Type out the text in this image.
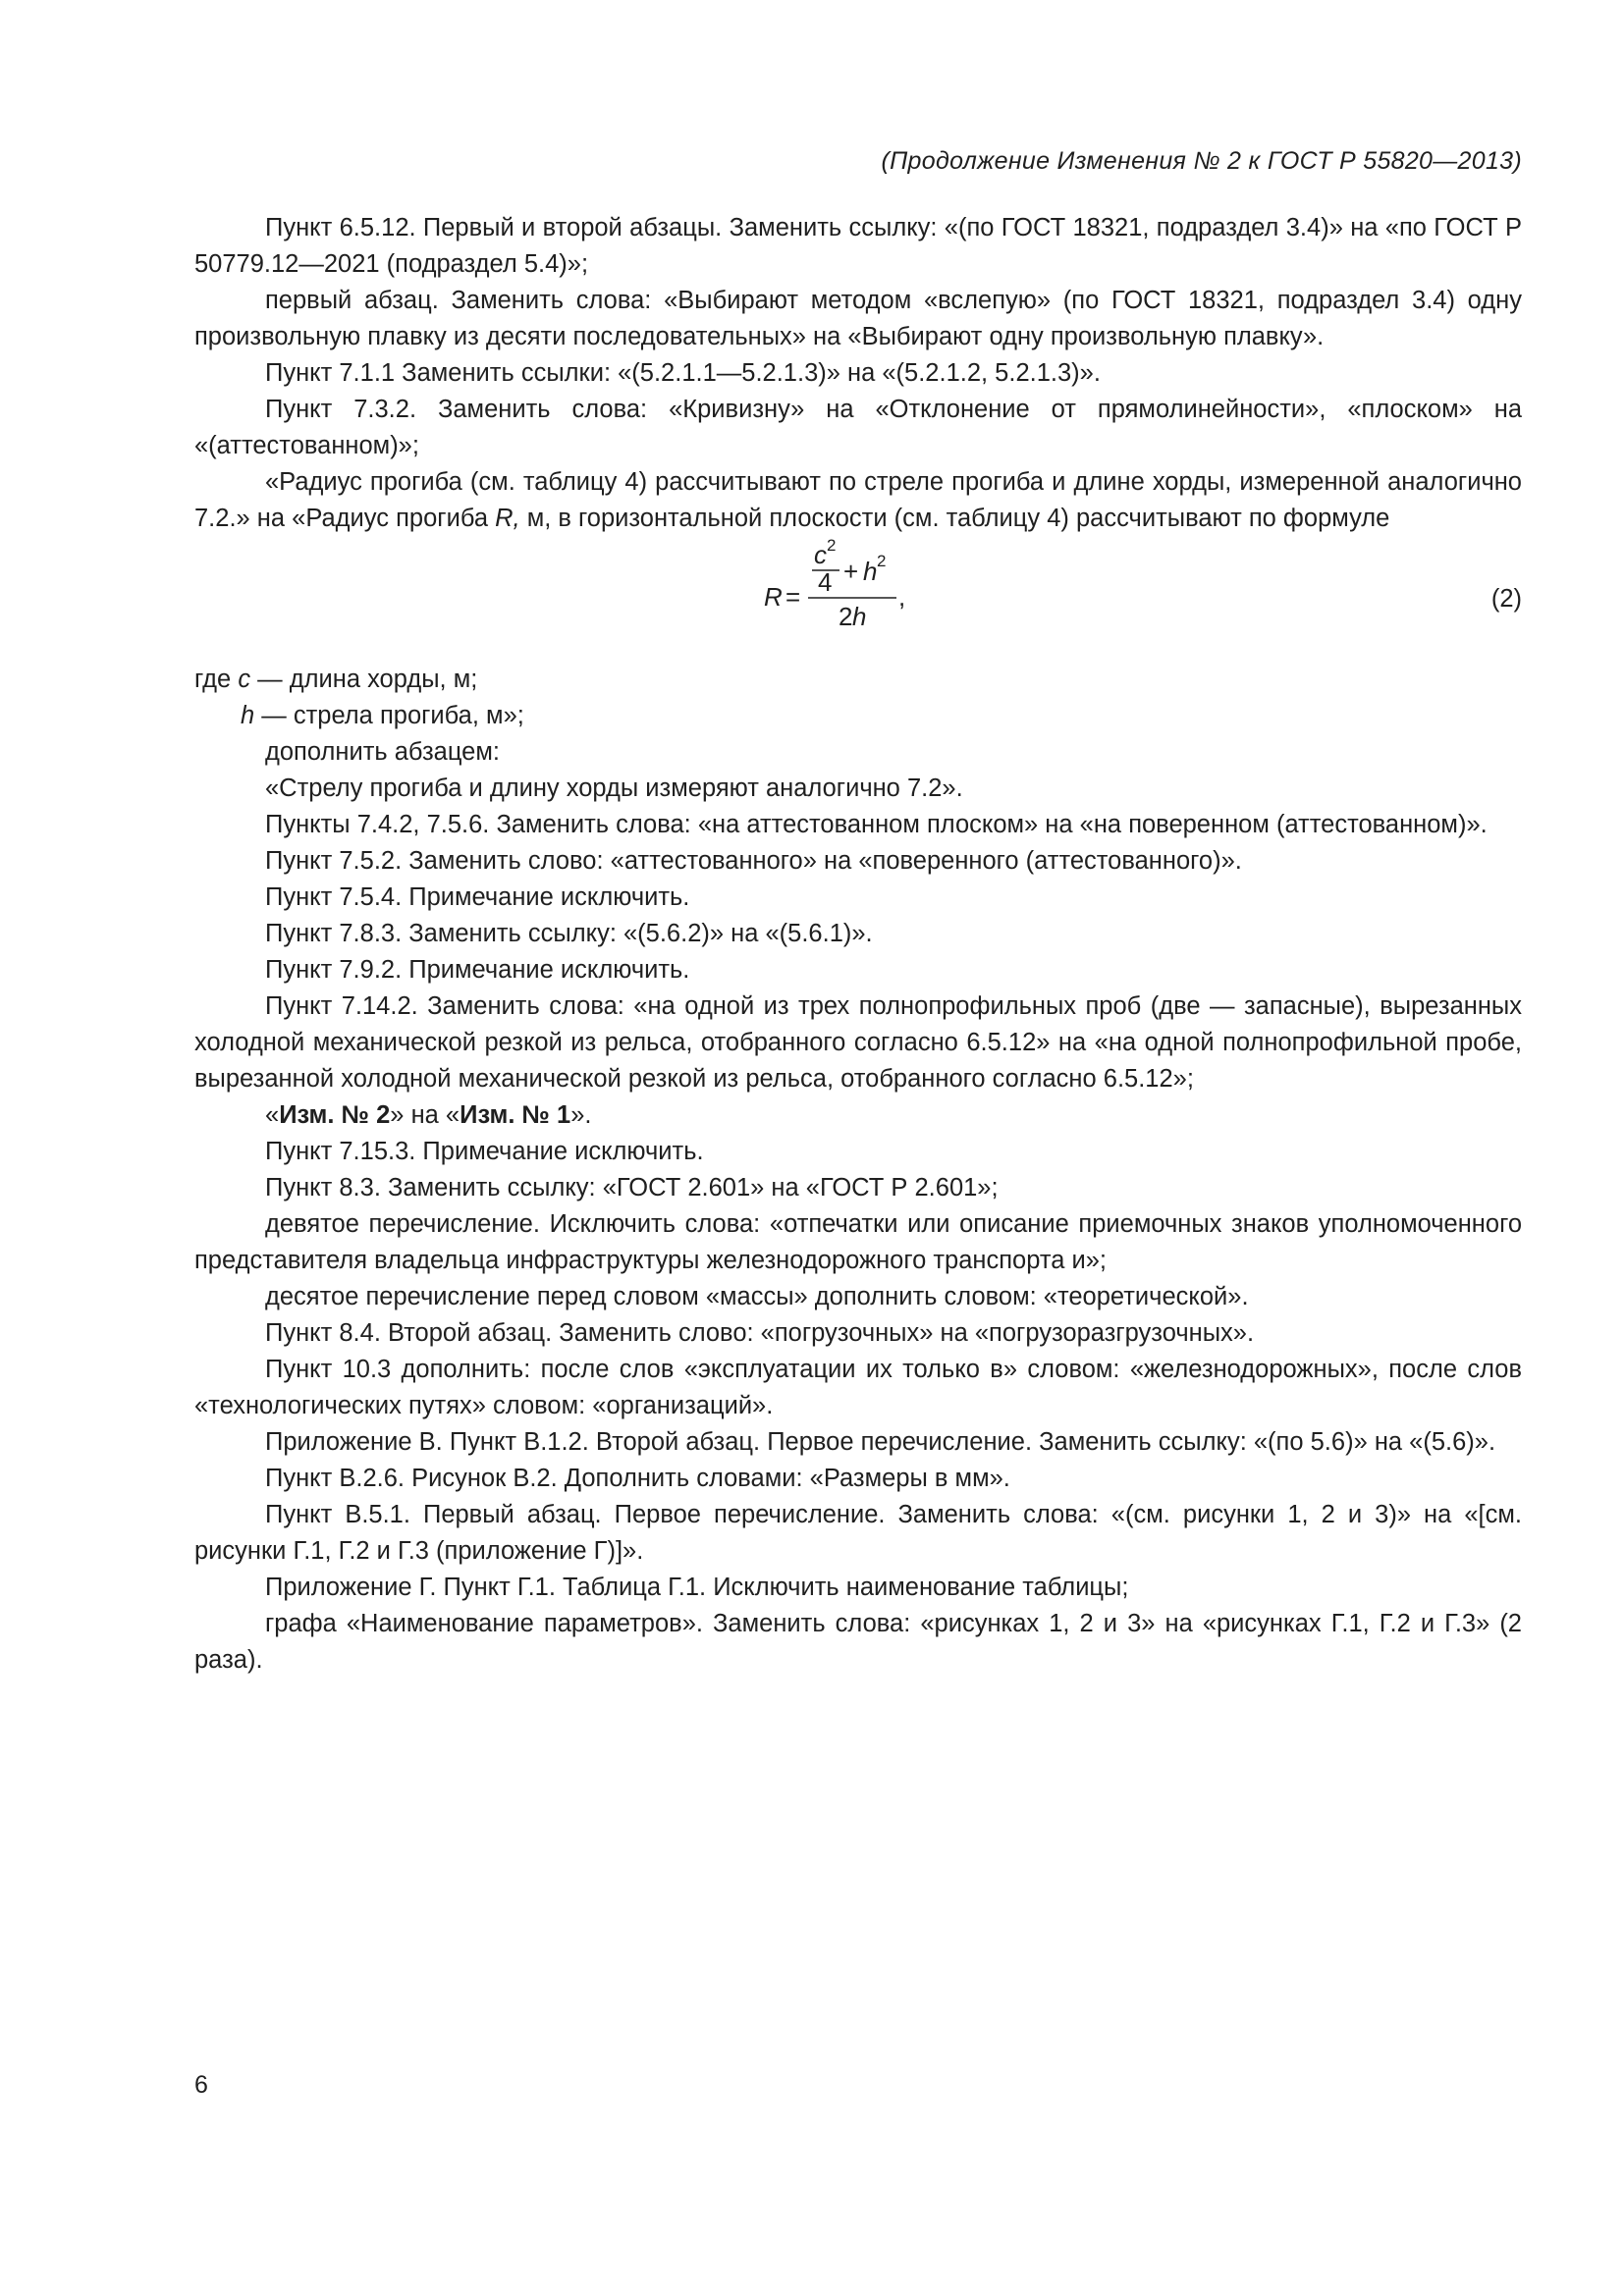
(Продолжение Изменения № 2 к ГОСТ Р 55820—2013)

Пункт 6.5.12. Первый и второй абзацы. Заменить ссылку: «(по ГОСТ 18321, подраздел 3.4)» на «по ГОСТ Р 50779.12—2021 (подраздел 5.4)»;

первый абзац. Заменить слова: «Выбирают методом «вслепую» (по ГОСТ 18321, подраздел 3.4) одну произвольную плавку из десяти последовательных» на «Выбирают одну произвольную плавку».

Пункт 7.1.1 Заменить ссылки: «(5.2.1.1—5.2.1.3)» на «(5.2.1.2, 5.2.1.3)».

Пункт 7.3.2. Заменить слова: «Кривизну» на «Отклонение от прямолинейности», «плоском» на «(аттестованном)»;

«Радиус прогиба (см. таблицу 4) рассчитывают по стреле прогиба и длине хорды, измеренной аналогично 7.2.» на «Радиус прогиба R, м, в горизонтальной плоскости (см. таблицу 4) рассчитывают по формуле

R =
c 2
4 + h 2
2 h
,	(2)

где c — длина хорды, м;

h — стрела прогиба, м»;

дополнить абзацем:

«Стрелу прогиба и длину хорды измеряют аналогично 7.2».

Пункты 7.4.2, 7.5.6. Заменить слова: «на аттестованном плоском» на «на поверенном (аттестованном)».

Пункт 7.5.2. Заменить слово: «аттестованного» на «поверенного (аттестованного)».

Пункт 7.5.4. Примечание исключить.

Пункт 7.8.3. Заменить ссылку: «(5.6.2)» на «(5.6.1)».

Пункт 7.9.2. Примечание исключить.

Пункт 7.14.2. Заменить слова: «на одной из трех полнопрофильных проб (две — запасные), вырезанных холодной механической резкой из рельса, отобранного согласно 6.5.12» на «на одной полнопрофильной пробе, вырезанной холодной механической резкой из рельса, отобранного согласно 6.5.12»;

«Изм. № 2» на «Изм. № 1».

Пункт 7.15.3. Примечание исключить.

Пункт 8.3. Заменить ссылку: «ГОСТ 2.601» на «ГОСТ Р 2.601»;

девятое перечисление. Исключить слова: «отпечатки или описание приемочных знаков уполномоченного представителя владельца инфраструктуры железнодорожного транспорта и»;

десятое перечисление перед словом «массы» дополнить словом: «теоретической».

Пункт 8.4. Второй абзац. Заменить слово: «погрузочных» на «погрузоразгрузочных».

Пункт 10.3 дополнить: после слов «эксплуатации их только в» словом: «железнодорожных», после слов «технологических путях» словом: «организаций».

Приложение В. Пункт В.1.2. Второй абзац. Первое перечисление. Заменить ссылку: «(по 5.6)» на «(5.6)».

Пункт В.2.6. Рисунок В.2. Дополнить словами: «Размеры в мм».

Пункт В.5.1. Первый абзац. Первое перечисление. Заменить слова: «(см. рисунки 1, 2 и 3)» на «[см. рисунки Г.1, Г.2 и Г.3 (приложение Г)]».

Приложение Г. Пункт Г.1. Таблица Г.1. Исключить наименование таблицы;

графа «Наименование параметров». Заменить слова: «рисунках 1, 2 и 3» на «рисунках Г.1, Г.2 и Г.3» (2 раза).

6
